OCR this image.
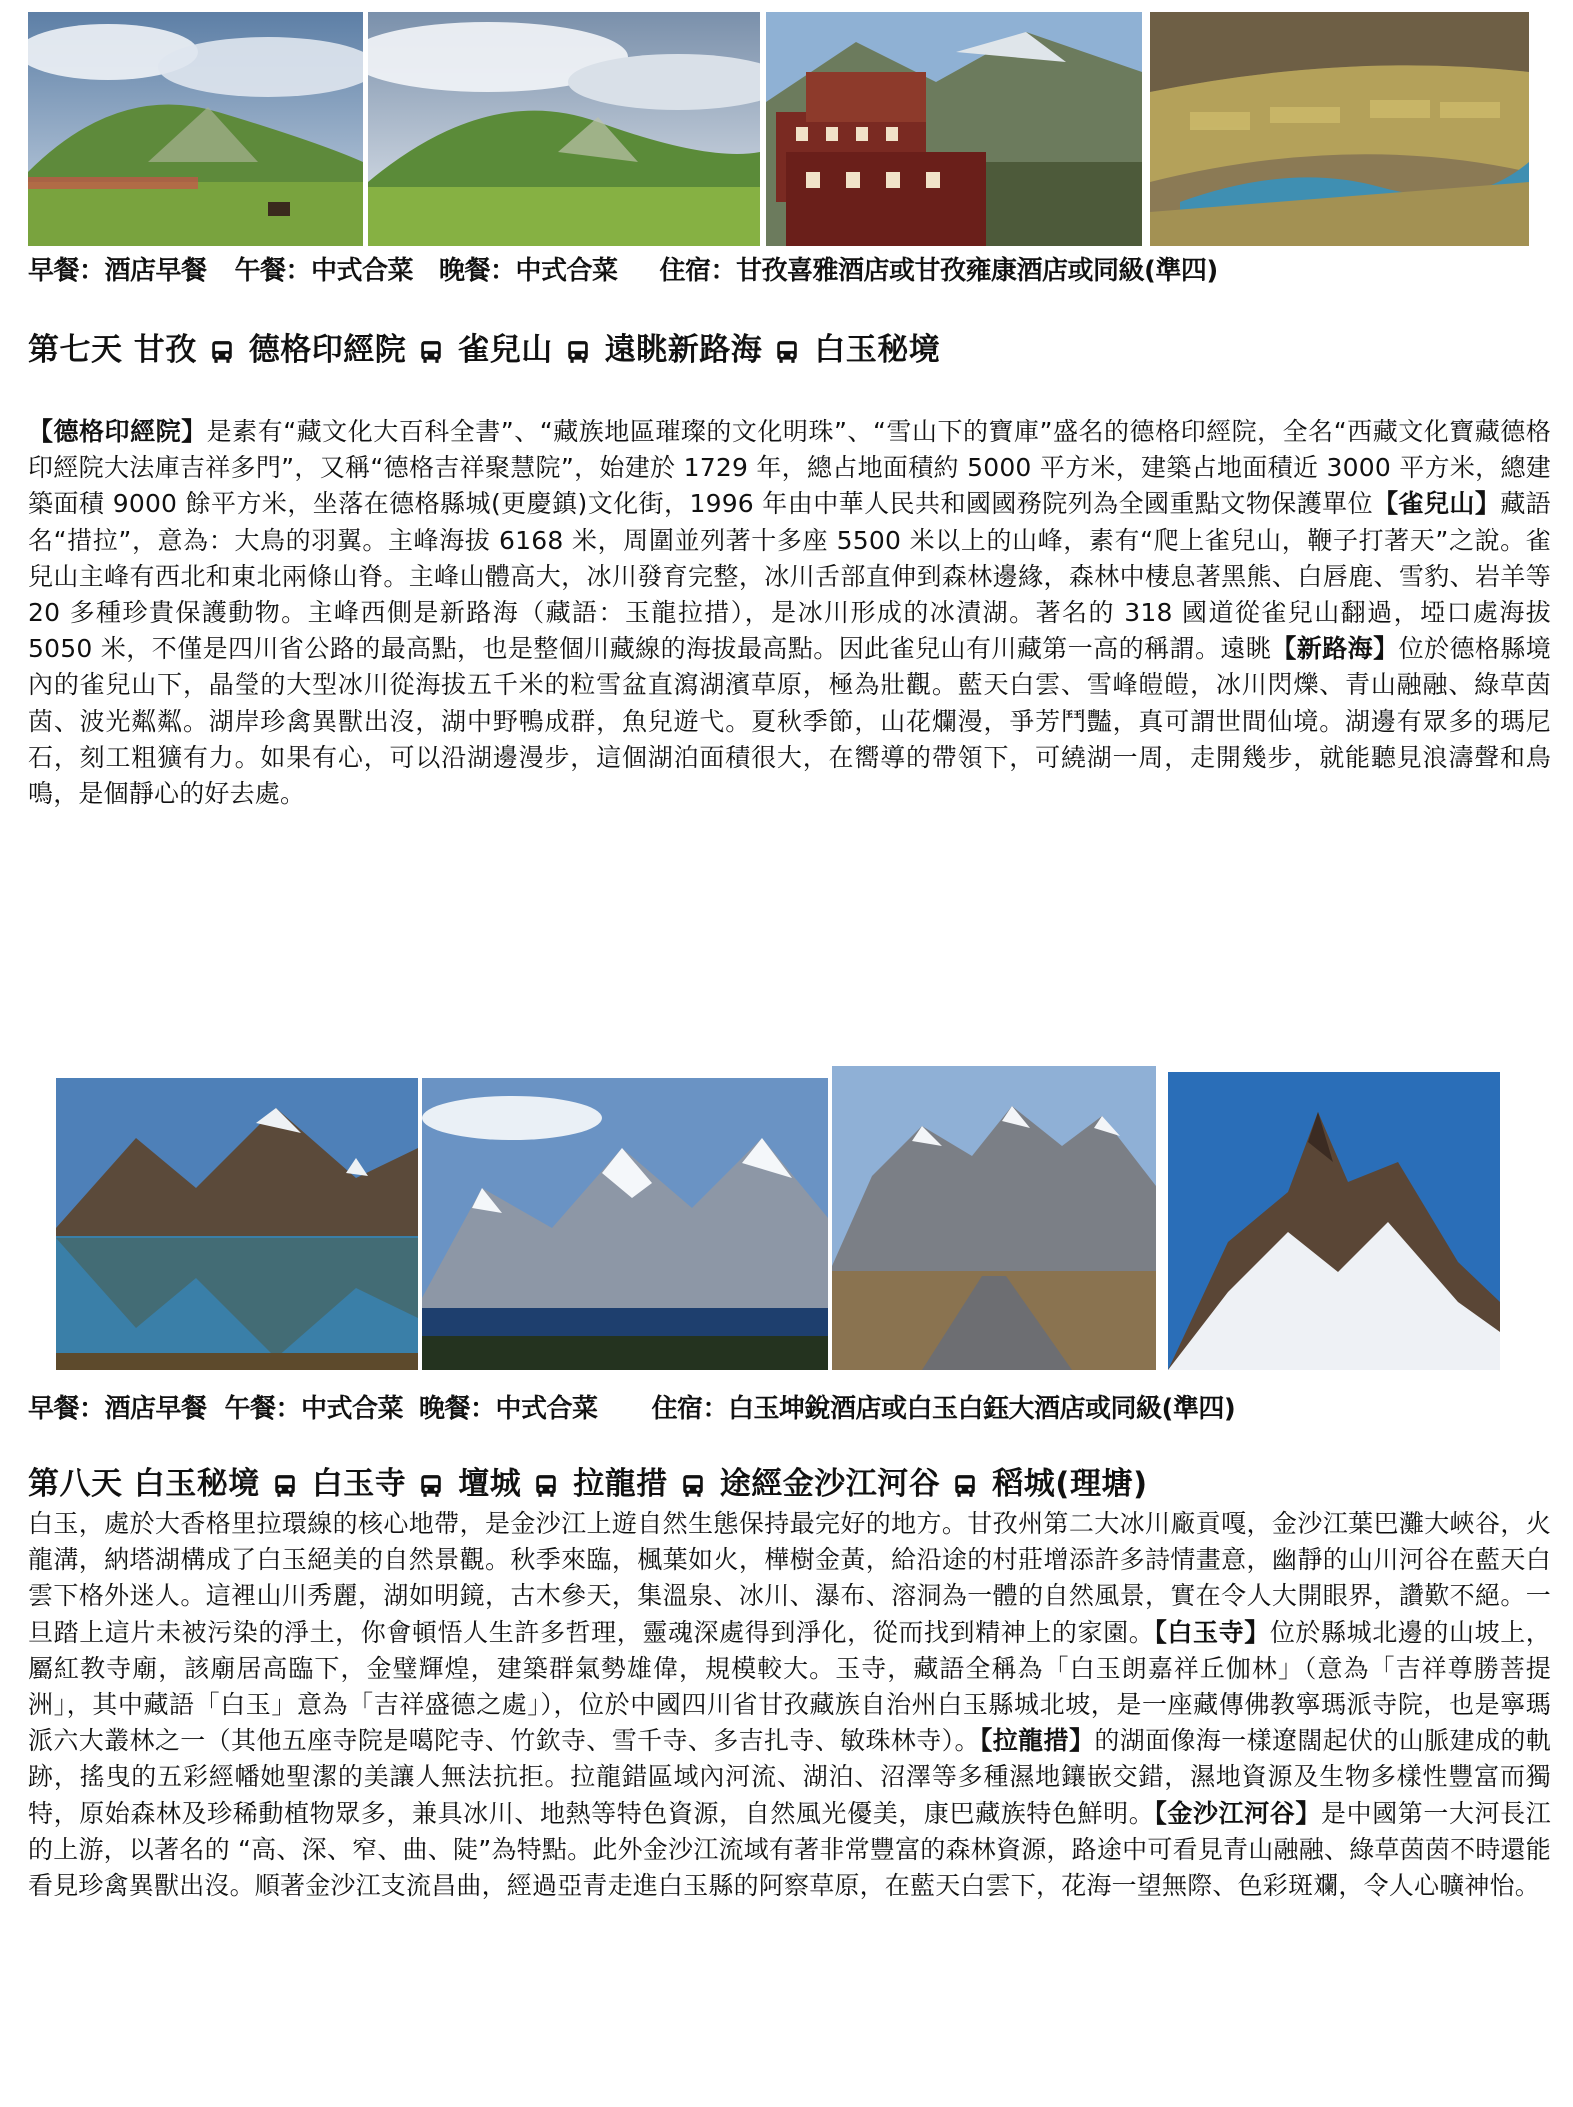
早餐：酒店早餐 午餐：中式合菜 晚餐：中式合菜 住宿：甘孜喜雅酒店或甘孜雍康酒店或同級(準四)
第七天 甘孜 德格印經院 雀兒山 遠眺新路海 白玉秘境
【德格印經院】是素有“藏文化大百科全書”、“藏族地區璀璨的文化明珠”、“雪山下的寶庫”盛名的德格印經院，全名“西藏文化寶藏德格印經院大法庫吉祥多門”，又稱“德格吉祥聚慧院”，始建於 1729 年，總占地面積約 5000 平方米，建築占地面積近 3000 平方米，總建築面積 9000 餘平方米，坐落在德格縣城(更慶鎮)文化街，1996 年由中華人民共和國國務院列為全國重點文物保護單位【雀兒山】藏語名“措拉”，意為：大鳥的羽翼。主峰海拔 6168 米，周圍並列著十多座 5500 米以上的山峰，素有“爬上雀兒山，鞭子打著天”之說。雀兒山主峰有西北和東北兩條山脊。主峰山體高大，冰川發育完整，冰川舌部直伸到森林邊緣，森林中棲息著黑熊、白唇鹿、雪豹、岩羊等 20 多種珍貴保護動物。主峰西側是新路海（藏語：玉龍拉措），是冰川形成的冰漬湖。著名的 318 國道從雀兒山翻過，埡口處海拔 5050 米，不僅是四川省公路的最高點，也是整個川藏線的海拔最高點。因此雀兒山有川藏第一高的稱謂。遠眺【新路海】位於德格縣境內的雀兒山下，晶瑩的大型冰川從海拔五千米的粒雪盆直瀉湖濱草原，極為壯觀。藍天白雲、雪峰皚皚，冰川閃爍、青山融融、綠草茵茵、波光粼粼。湖岸珍禽異獸出沒，湖中野鴨成群，魚兒遊弋。夏秋季節，山花爛漫，爭芳鬥豔，真可謂世間仙境。湖邊有眾多的瑪尼石，刻工粗獷有力。如果有心，可以沿湖邊漫步，這個湖泊面積很大，在嚮導的帶領下，可繞湖一周，走開幾步，就能聽見浪濤聲和鳥鳴，是個靜心的好去處。
早餐：酒店早餐 午餐：中式合菜 晚餐：中式合菜 住宿：白玉坤銳酒店或白玉白鈺大酒店或同級(準四)
第八天 白玉秘境 白玉寺 壇城 拉龍措 途經金沙江河谷 稻城(理塘)
白玉，處於大香格里拉環線的核心地帶，是金沙江上遊自然生態保持最完好的地方。甘孜州第二大冰川廠貢嘎，金沙江葉巴灘大峽谷，火龍溝，納塔湖構成了白玉絕美的自然景觀。秋季來臨，楓葉如火，樺樹金黃，給沿途的村莊增添許多詩情畫意，幽靜的山川河谷在藍天白雲下格外迷人。這裡山川秀麗，湖如明鏡，古木參天，集溫泉、冰川、瀑布、溶洞為一體的自然風景，實在令人大開眼界，讚歎不絕。一旦踏上這片未被污染的淨土，你會頓悟人生許多哲理，靈魂深處得到淨化，從而找到精神上的家園。【白玉寺】位於縣城北邊的山坡上，屬紅教寺廟，該廟居高臨下，金璧輝煌，建築群氣勢雄偉，規模較大。玉寺，藏語全稱為「白玉朗嘉祥丘伽林」（意為「吉祥尊勝菩提洲」，其中藏語「白玉」意為「吉祥盛德之處」），位於中國四川省甘孜藏族自治州白玉縣城北坡，是一座藏傳佛教寧瑪派寺院，也是寧瑪派六大叢林之一（其他五座寺院是噶陀寺、竹欽寺、雪千寺、多吉扎寺、敏珠林寺）。【拉龍措】的湖面像海一樣遼闊起伏的山脈建成的軌跡，搖曳的五彩經幡她聖潔的美讓人無法抗拒。拉龍錯區域內河流、湖泊、沼澤等多種濕地鑲嵌交錯，濕地資源及生物多樣性豐富而獨特，原始森林及珍稀動植物眾多，兼具冰川、地熱等特色資源，自然風光優美，康巴藏族特色鮮明。【金沙江河谷】是中國第一大河長江的上游，以著名的 “高、深、窄、曲、陡”為特點。此外金沙江流域有著非常豐富的森林資源，路途中可看見青山融融、綠草茵茵不時還能看見珍禽異獸出沒。順著金沙江支流昌曲，經過亞青走進白玉縣的阿察草原，在藍天白雲下，花海一望無際、色彩斑斕，令人心曠神怡。
